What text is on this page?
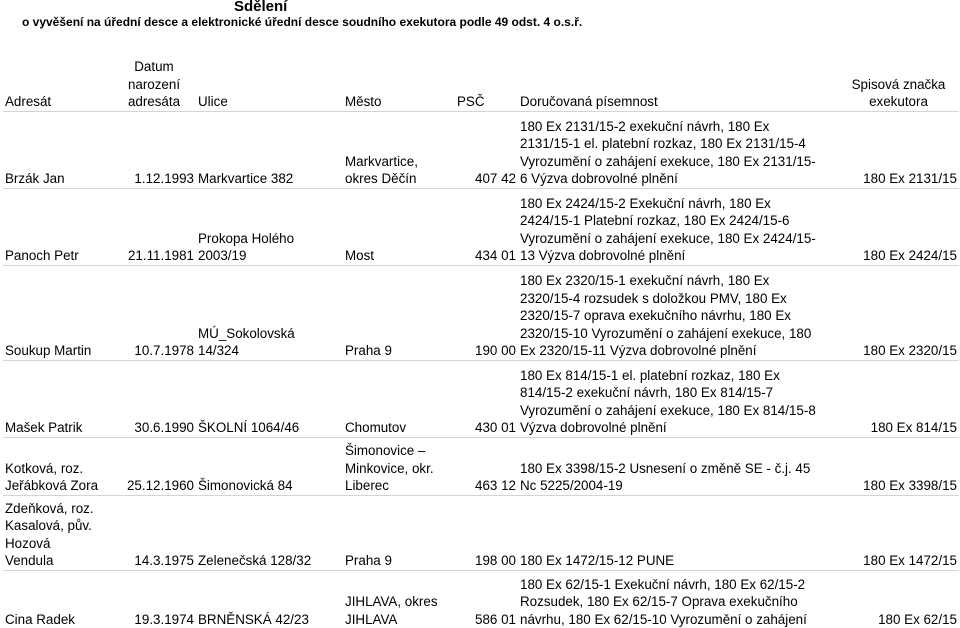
Sdělení
o vyvěšení na úřední desce a elektronické úřední desce soudního exekutora podle 49 odst. 4 o.s.ř.
Adresát	Datum
narození
adresáta	Ulice	Město	PSČ	Doručovaná písemnost	Spisová značka
exekutora
Brzák Jan	1.12.1993	Markvartice 382	Markvartice,
okres Děčín	407 42	180 Ex 2131/15-2 exekuční návrh, 180 Ex
2131/15-1 el. platební rozkaz, 180 Ex 2131/15-4
Vyrozumění o zahájení exekuce, 180 Ex 2131/15-
6 Výzva dobrovolné plnění	180 Ex 2131/15
Panoch Petr	21.11.1981	Prokopa Holého
2003/19	Most	434 01	180 Ex 2424/15-2 Exekuční návrh, 180 Ex
2424/15-1 Platební rozkaz, 180 Ex 2424/15-6
Vyrozumění o zahájení exekuce, 180 Ex 2424/15-
13 Výzva dobrovolné plnění	180 Ex 2424/15
Soukup Martin	10.7.1978	MÚ_Sokolovská
14/324	Praha 9	190 00	180 Ex 2320/15-1 exekuční návrh, 180 Ex
2320/15-4 rozsudek s doložkou PMV, 180 Ex
2320/15-7 oprava exekučního návrhu, 180 Ex
2320/15-10 Vyrozumění o zahájení exekuce, 180
Ex 2320/15-11 Výzva dobrovolné plnění	180 Ex 2320/15
Mašek Patrik	30.6.1990	ŠKOLNÍ 1064/46	Chomutov	430 01	180 Ex 814/15-1 el. platební rozkaz, 180 Ex
814/15-2 exekuční návrh, 180 Ex 814/15-7
Vyrozumění o zahájení exekuce, 180 Ex 814/15-8
Výzva dobrovolné plnění	180 Ex 814/15
Kotková, roz.
Jeřábková Zora	25.12.1960	Šimonovická 84	Šimonovice –
Minkovice, okr.
Liberec	463 12	180 Ex 3398/15-2 Usnesení o změně SE - č.j. 45
Nc 5225/2004-19	180 Ex 3398/15
Zdeňková, roz.
Kasalová, pův.
Hozová
Vendula	14.3.1975	Zelenečská 128/32	Praha 9	198 00	180 Ex 1472/15-12 PUNE	180 Ex 1472/15
Cina Radek	19.3.1974	BRNĚNSKÁ 42/23	JIHLAVA, okres
JIHLAVA	586 01	180 Ex 62/15-1 Exekuční návrh, 180 Ex 62/15-2
Rozsudek, 180 Ex 62/15-7 Oprava exekučního
návrhu, 180 Ex 62/15-10 Vyrozumění o zahájení	180 Ex 62/15
